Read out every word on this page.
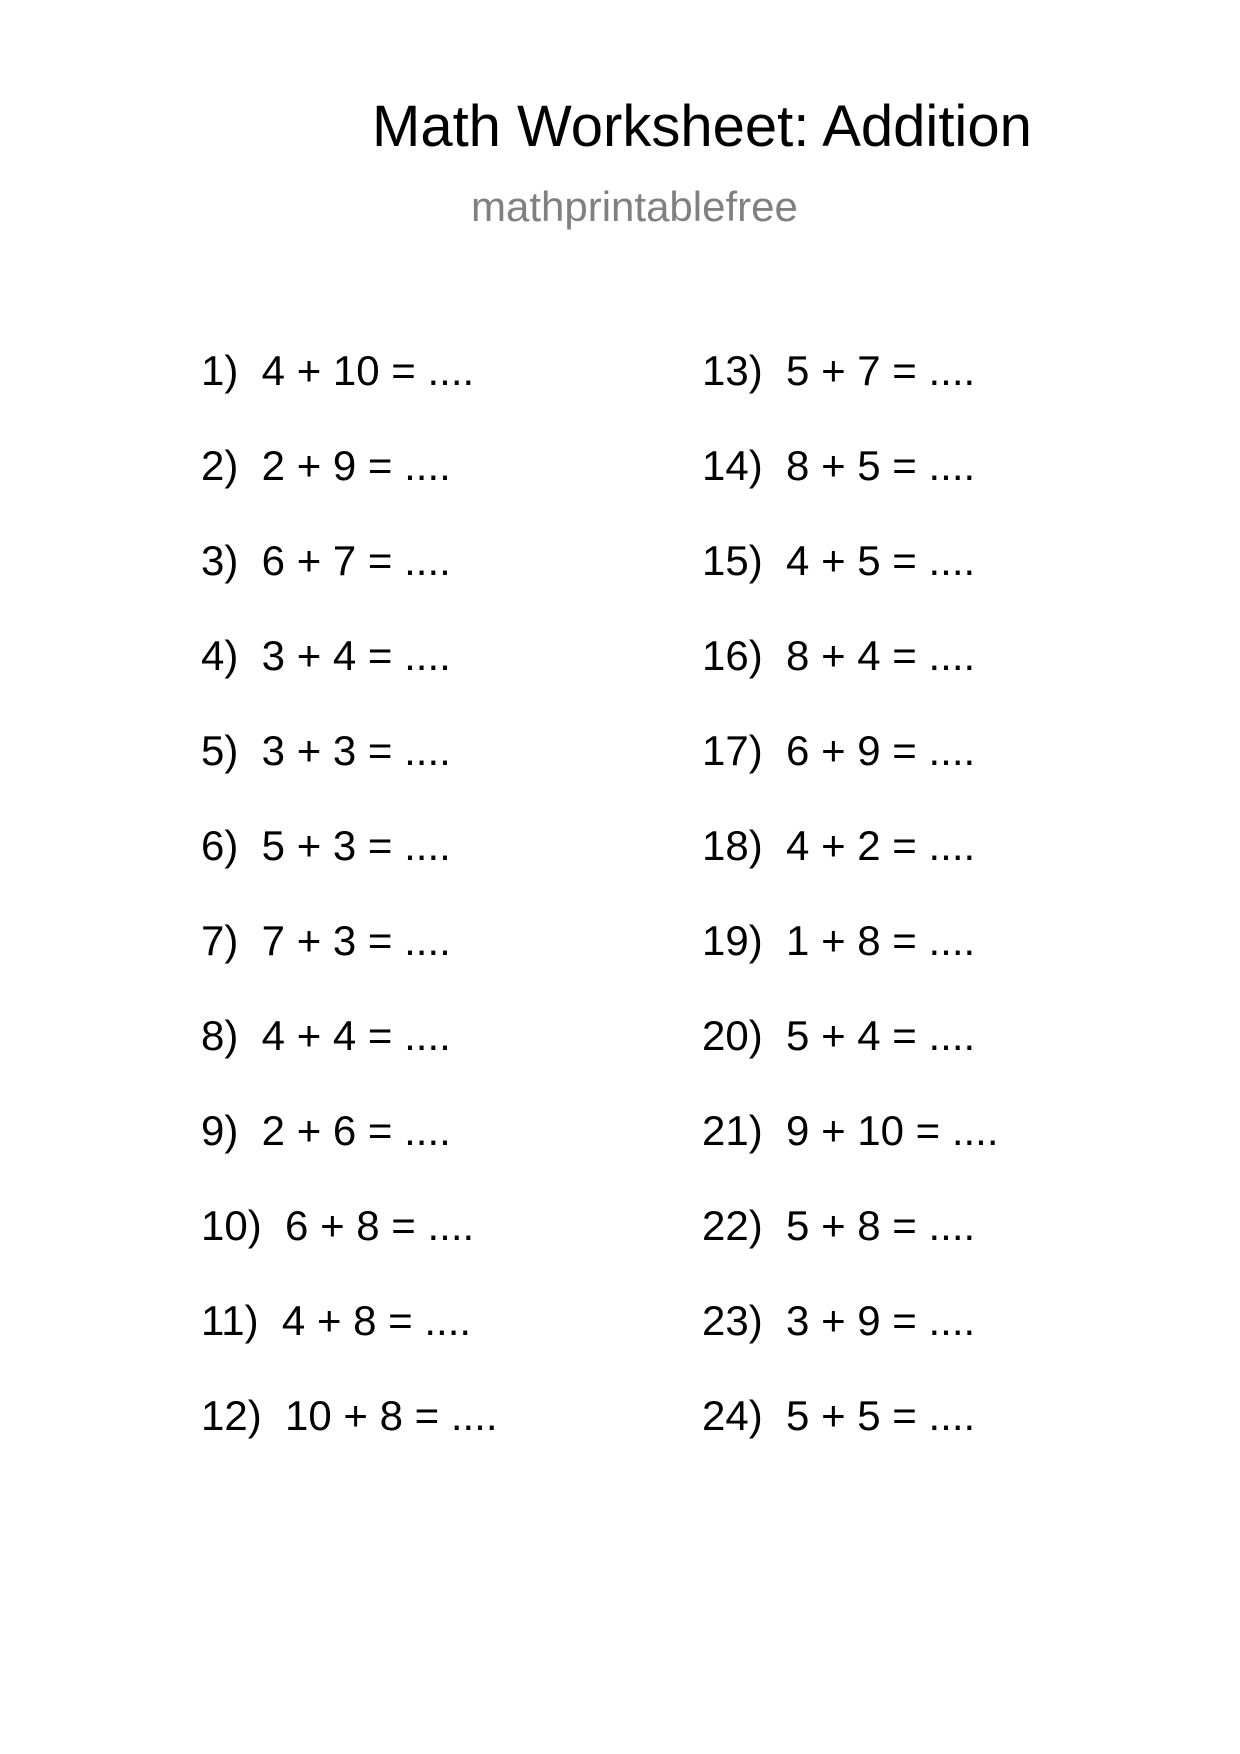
Math Worksheet: Addition
mathprintablefree
1)  4 + 10 = ....
2)  2 + 9 = ....
3)  6 + 7 = ....
4)  3 + 4 = ....
5)  3 + 3 = ....
6)  5 + 3 = ....
7)  7 + 3 = ....
8)  4 + 4 = ....
9)  2 + 6 = ....
10)  6 + 8 = ....
11)  4 + 8 = ....
12)  10 + 8 = ....
13)  5 + 7 = ....
14)  8 + 5 = ....
15)  4 + 5 = ....
16)  8 + 4 = ....
17)  6 + 9 = ....
18)  4 + 2 = ....
19)  1 + 8 = ....
20)  5 + 4 = ....
21)  9 + 10 = ....
22)  5 + 8 = ....
23)  3 + 9 = ....
24)  5 + 5 = ....
